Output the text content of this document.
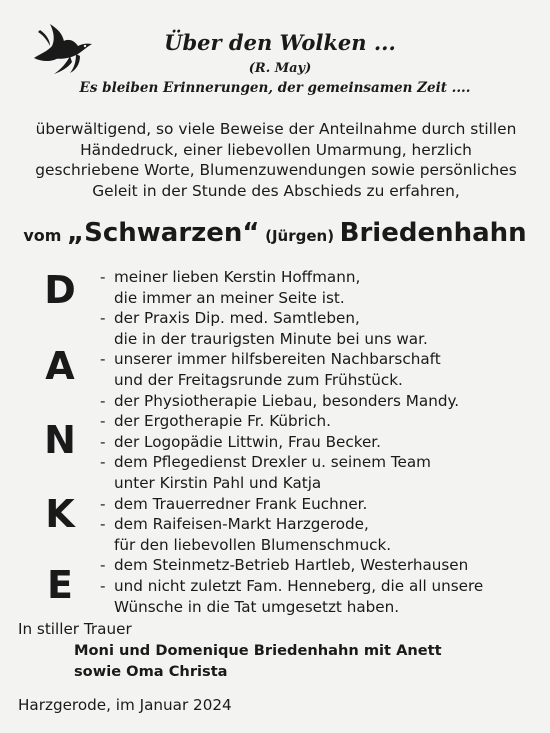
Über den Wolken ...
(R. May)
Es bleiben Erinnerungen, der gemeinsamen Zeit ....
überwältigend, so viele Beweise der Anteilnahme durch stillen Händedruck, einer liebevollen Umarmung, herzlich geschriebene Worte, Blumenzuwendungen sowie persönliches Geleit in der Stunde des Abschieds zu erfahren,
vom „Schwarzen“ (Jürgen) Briedenhahn
D
A
N
K
E
- meiner lieben Kerstin Hoffmann,
die immer an meiner Seite ist.
- der Praxis Dip. med. Samtleben,
die in der traurigsten Minute bei uns war.
- unserer immer hilfsbereiten Nachbarschaft
und der Freitagsrunde zum Frühstück.
- der Physiotherapie Liebau, besonders Mandy.
- der Ergotherapie Fr. Kübrich.
- der Logopädie Littwin, Frau Becker.
- dem Pflegedienst Drexler u. seinem Team
unter Kirstin Pahl und Katja
- dem Trauerredner Frank Euchner.
- dem Raifeisen-Markt Harzgerode,
für den liebevollen Blumenschmuck.
- dem Steinmetz-Betrieb Hartleb, Westerhausen
- und nicht zuletzt Fam. Henneberg, die all unsere
Wünsche in die Tat umgesetzt haben.
In stiller Trauer
Moni und Domenique Briedenhahn mit Anett
sowie Oma Christa
Harzgerode, im Januar 2024
